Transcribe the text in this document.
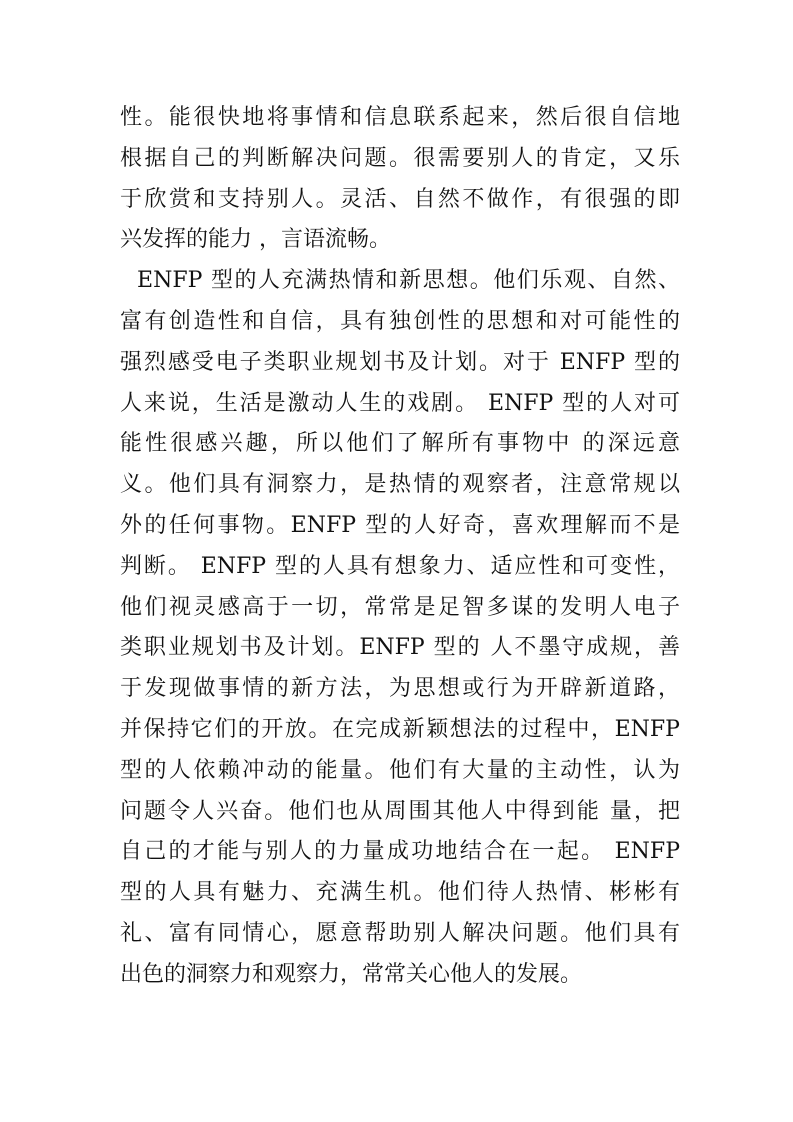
性。能很快地将事情和信息联系起来，然后很自信地
根据自己的判断解决问题。很需要别人的肯定，又乐
于欣赏和支持别人。灵活、自然不做作，有很强的即
兴发挥的能力 ，言语流畅。
ENFP 型的人充满热情和新思想。他们乐观、自然、
富有创造性和自信，具有独创性的思想和对可能性的
强烈感受电子类职业规划书及计划。对于 ENFP 型的
人来说，生活是激动人生的戏剧。 ENFP 型的人对可
能性很感兴趣，所以他们了解所有事物中 的深远意
义。他们具有洞察力，是热情的观察者，注意常规以
外的任何事物。ENFP 型的人好奇，喜欢理解而不是
判断。 ENFP 型的人具有想象力、适应性和可变性，
他们视灵感高于一切，常常是足智多谋的发明人电子
类职业规划书及计划。ENFP 型的 人不墨守成规，善
于发现做事情的新方法，为思想或行为开辟新道路，
并保持它们的开放。在完成新颖想法的过程中，ENFP
型的人依赖冲动的能量。他们有大量的主动性，认为
问题令人兴奋。他们也从周围其他人中得到能 量，把
自己的才能与别人的力量成功地结合在一起。 ENFP
型的人具有魅力、充满生机。他们待人热情、彬彬有
礼、富有同情心，愿意帮助别人解决问题。他们具有
出色的洞察力和观察力，常常关心他人的发展。
